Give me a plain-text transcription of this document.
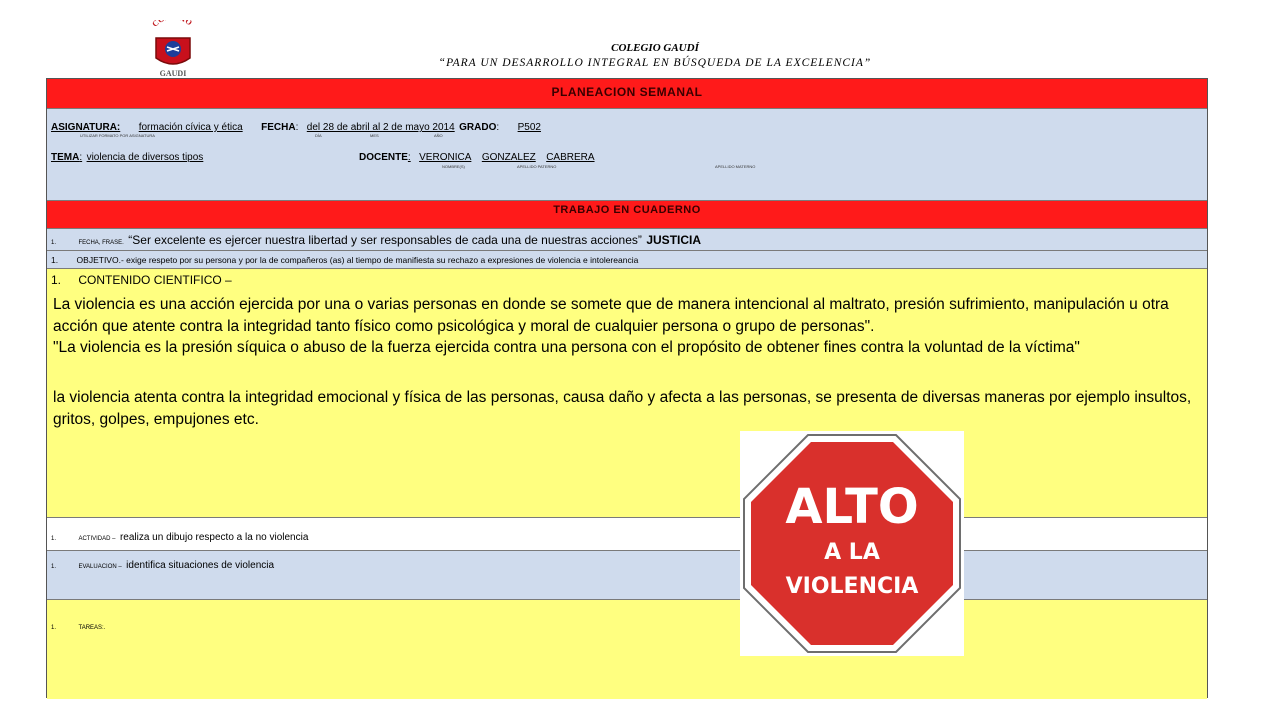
C O
GAUDI
COLEGIO GAUDÍ
“PARA UN DESARROLLO INTEGRAL EN BÚSQUEDA DE LA EXCELENCIA”
PLANEACION SEMANAL
ASIGNATURA: formación cívica y ética FECHA: del 28 de abril al 2 de mayo 2014 GRADO: P502
UTILIZAR FORMATO POR ASIGNATURA	DÍA	MES	AÑO
TEMA: violencia de diversos tipos	DOCENTE: VERONICA GONZALEZ CABRERA
NOMBRE(S)	APELLIDO PATERNO	APELLIDO MATERNO
TRABAJO EN CUADERNO
1.	FECHA, FRASE. “Ser excelente es ejercer nuestra libertad y ser responsables de cada una de nuestras acciones” JUSTICIA
1. OBJETIVO.- exige respeto por su persona y por la de compañeros (as) al tiempo de manifiesta su rechazo a expresiones de violencia e intolereancia
1. CONTENIDO CIENTIFICO –
La violencia es una acción ejercida por una o varias personas en donde se somete que de manera intencional al maltrato, presión sufrimiento, manipulación u otra acción que atente contra la integridad tanto físico como psicológica y moral de cualquier persona o grupo de personas".
"La violencia es la presión síquica o abuso de la fuerza ejercida contra una persona con el propósito de obtener fines contra la voluntad de la víctima"
la violencia atenta contra la integridad emocional y física de las personas, causa daño y afecta a las personas, se presenta de diversas maneras por ejemplo insultos, gritos, golpes, empujones etc.
1.	ACTIVIDAD – realiza un dibujo respecto a la no violencia
1.	EVALUACION – identifica situaciones de violencia
1.	TAREAS:.
ALTO
A LA
VIOLENCIA
